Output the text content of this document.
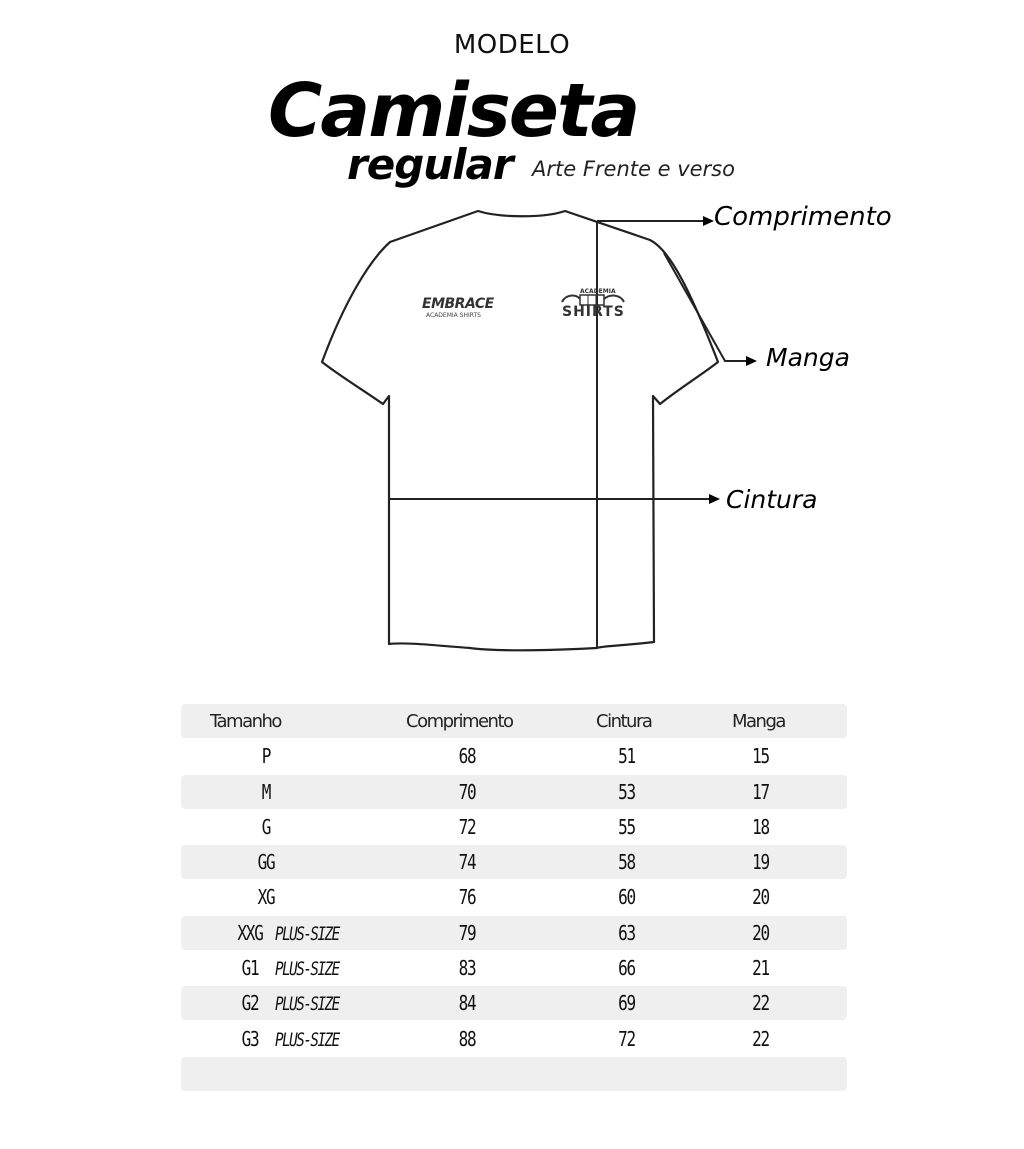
MODELO
Camiseta
regular Arte Frente e verso
Comprimento
Manga
Cintura
EMBRACE
ACADEMIA SHIRTS
ACADEMIA
SHIRTS
Tamanho	Comprimento	Cintura	Manga
P	68	51	15
M	70	53	17
G	72	55	18
GG	74	58	19
XG	76	60	20
XXG PLUS-SIZE	79	63	20
G1 PLUS-SIZE	83	66	21
G2 PLUS-SIZE	84	69	22
G3 PLUS-SIZE	88	72	22
